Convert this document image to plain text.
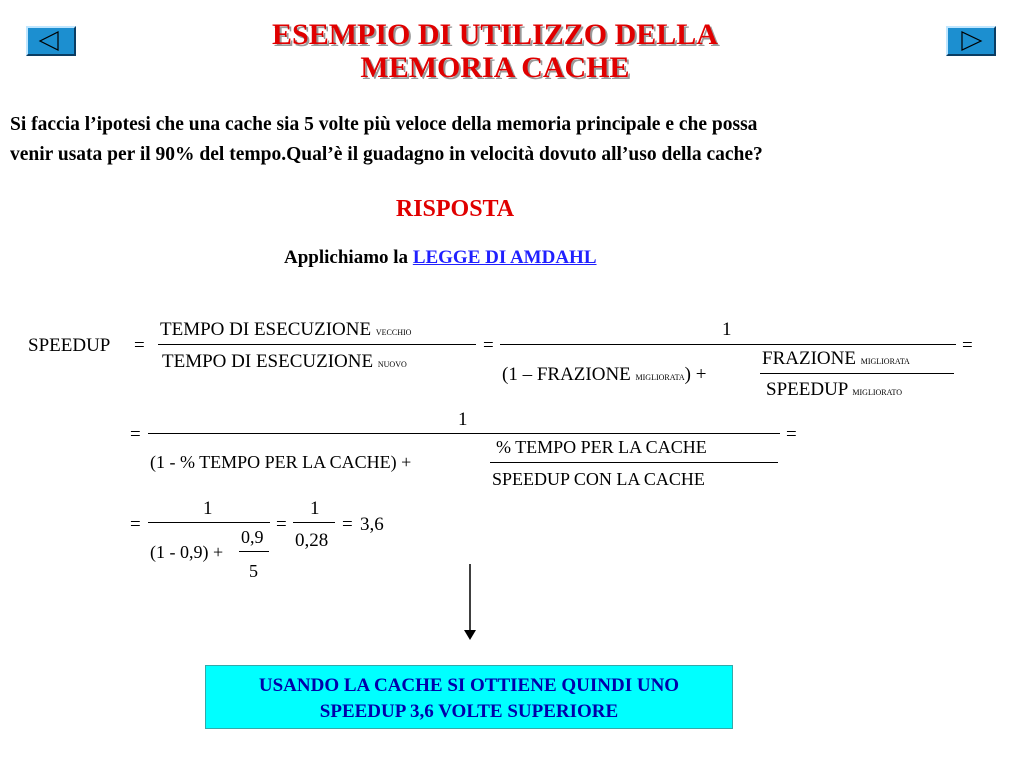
ESEMPIO DI UTILIZZO DELLA
MEMORIA CACHE
Si faccia l’ipotesi che una cache sia 5 volte più veloce della memoria principale e che possa
venir usata per il 90% del tempo.Qual’è il guadagno in velocità dovuto all’uso della cache?
RISPOSTA
Applichiamo la LEGGE DI AMDAHL
SPEEDUP =
TEMPO DI ESECUZIONE VECCHIO
TEMPO DI ESECUZIONE NUOVO
=
1
(1 – FRAZIONE MIGLIORATA) +
FRAZIONE MIGLIORATA
SPEEDUP MIGLIORATO
=
=
1
(1 - % TEMPO PER LA CACHE) +
% TEMPO PER LA CACHE
SPEEDUP CON LA CACHE
=
=
1
(1 - 0,9) +
0,9
5
=
1
0,28
= 3,6
USANDO LA CACHE SI OTTIENE QUINDI UNO
SPEEDUP 3,6 VOLTE SUPERIORE
